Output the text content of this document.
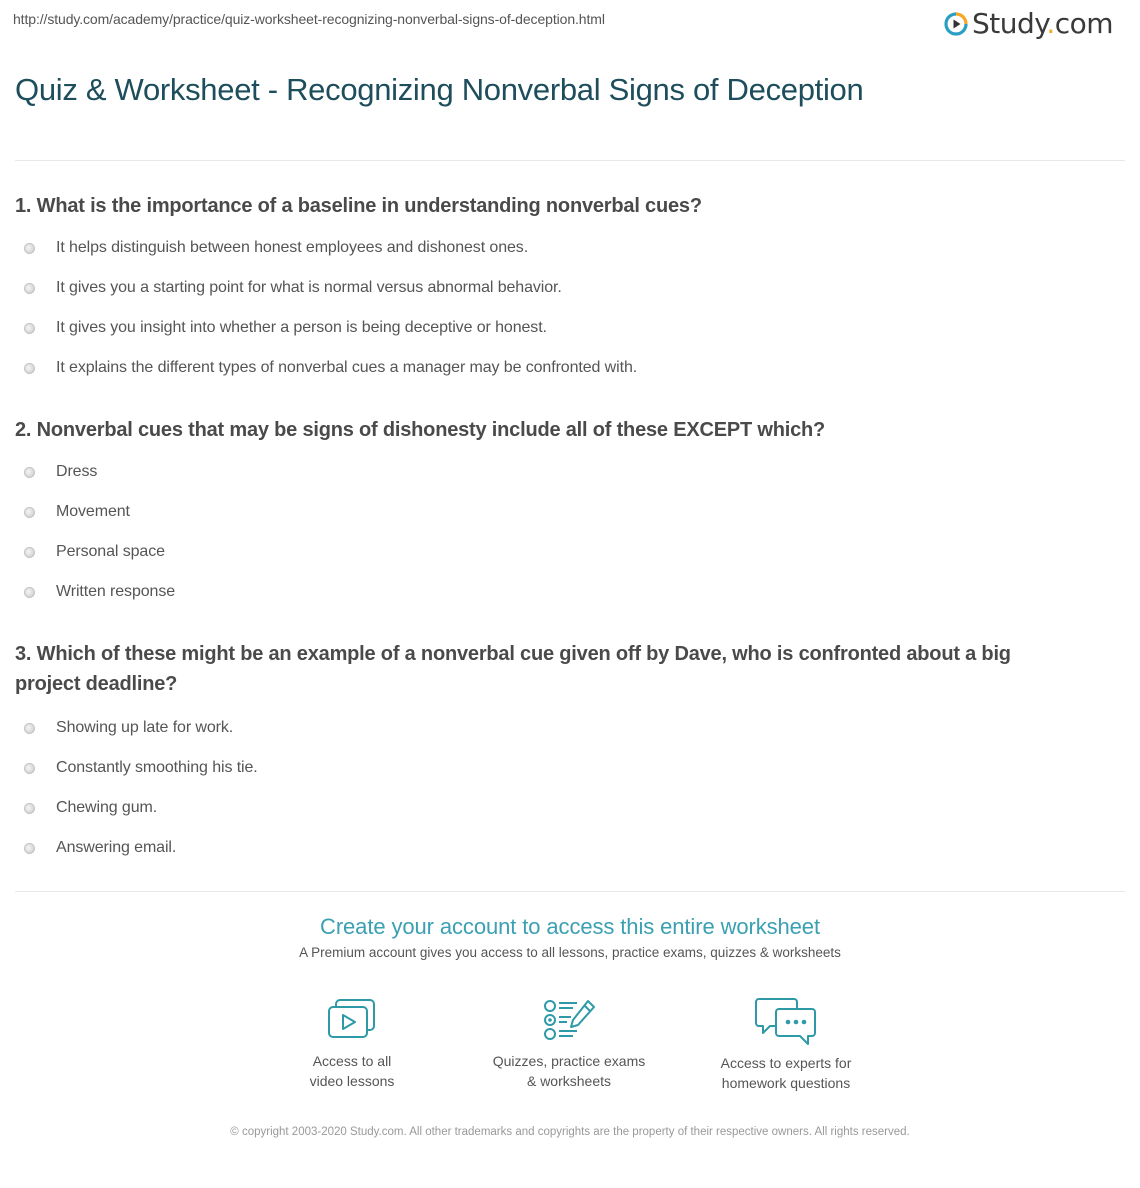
http://study.com/academy/practice/quiz-worksheet-recognizing-nonverbal-signs-of-deception.html	Study.com
Quiz & Worksheet - Recognizing Nonverbal Signs of Deception
1. What is the importance of a baseline in understanding nonverbal cues?
It helps distinguish between honest employees and dishonest ones.
It gives you a starting point for what is normal versus abnormal behavior.
It gives you insight into whether a person is being deceptive or honest.
It explains the different types of nonverbal cues a manager may be confronted with.
2. Nonverbal cues that may be signs of dishonesty include all of these EXCEPT which?
Dress
Movement
Personal space
Written response
3. Which of these might be an example of a nonverbal cue given off by Dave, who is confronted about a big project deadline?
Showing up late for work.
Constantly smoothing his tie.
Chewing gum.
Answering email.
Create your account to access this entire worksheet
A Premium account gives you access to all lessons, practice exams, quizzes & worksheets
Access to all
video lessons
Quizzes, practice exams
& worksheets
Access to experts for
homework questions
© copyright 2003-2020 Study.com. All other trademarks and copyrights are the property of their respective owners. All rights reserved.
